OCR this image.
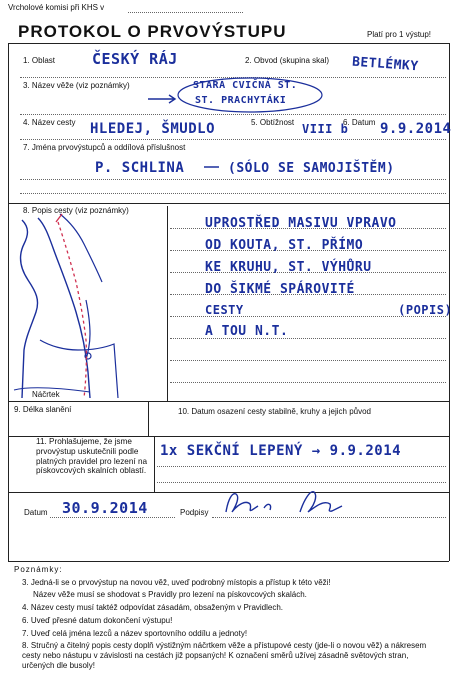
Vrcholové komisi při KHS v
PROTOKOL O PRVOVÝSTUPU	Platí pro 1 výstup!
1. Oblast ČESKÝ RÁJ	2. Obvod (skupina skal) BETLÉMKY
3. Název věže (viz poznámky)	STARÁ CVIČNÁ ST.
ST. PRACHYTÁKI
4. Název cesty HLEDEJ, ŠMUDLO	5. Obtížnost VIII b
6. Datum 9.9.2014
7. Jména prvovýstupců a oddílová příslušnost
P. SCHLINA	(SÓLO SE SAMOJIŠTĚM)
8. Popis cesty (viz poznámky)
UPROSTŘED MASIVU VPRAVO
OD KOUTA, ST. PŘÍMO
KE KRUHU, ST. VÝHŮRU
DO ŠIKMÉ SPÁROVITÉ
CESTY                    (POPIS)
A TOU N.T.
Náčrtek
9. Délka slanění	10. Datum osazení cesty stabilně, kruhy a jejich původ
11. Prohlašujeme, že jsme prvovýstup uskutečnili podle platných pravidel pro lezení na pískovcových skalních oblastí.
1x SEKČNÍ LEPENÝ → 9.9.2014
Datum 30.9.2014	Podpisy
Poznámky:
3. Jedná-li se o prvovýstup na novou věž, uveď podrobný místopis a přístup k této věži!
Název věže musí se shodovat s Pravidly pro lezení na pískovcových skalách.
4. Název cesty musí taktéž odpovídat zásadám, obsaženým v Pravidlech.
6. Uveď přesné datum dokončení výstupu!
7. Uveď celá jména lezců a název sportovního oddílu a jednoty!
8. Stručný a čitelný popis cesty doplň výstižným náčrtkem věže a přístupové cesty (jde-li o novou věž) a nákresem cesty nebo nástupu v závislosti na cestách již popsaných! K označení směrů užívej zásadně světových stran, určených dle busoly!
